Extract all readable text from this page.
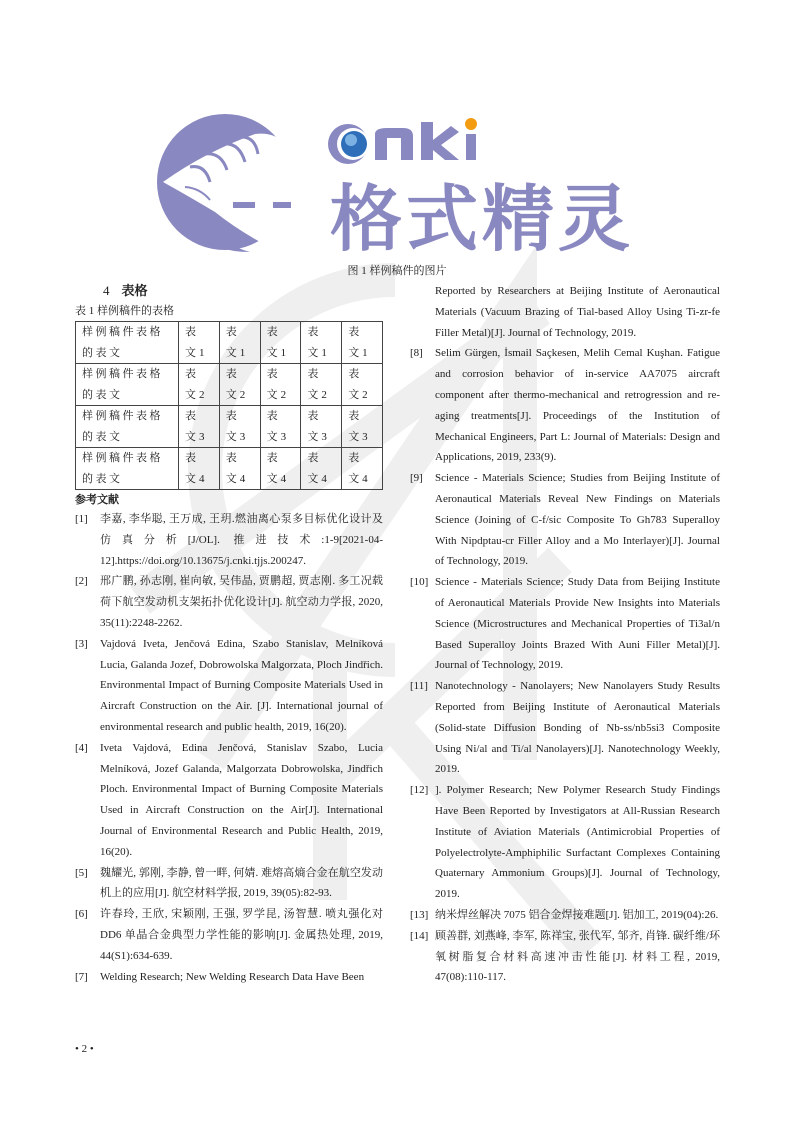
格式精灵
图 1 样例稿件的图片
4 表格
表 1 样例稿件的表格
样例稿件表格的表文	表文1	表文1	表文1	表文1	表文1
样例稿件表格的表文	表文2	表文2	表文2	表文2	表文2
样例稿件表格的表文	表文3	表文3	表文3	表文3	表文3
样例稿件表格的表文	表文4	表文4	表文4	表文4	表文4
参考文献
[1] 李嘉, 李华聪, 王万成, 王玥.燃油离心泵多目标优化设计及仿真分析[J/OL]. 推进技术:1-9[2021-04-12].https://doi.org/10.13675/j.cnki.tjjs.200247.
[2] 邢广鹏, 孙志刚, 崔向敏, 吴伟晶, 贾鹏超, 贾志刚. 多工况载荷下航空发动机支架拓扑优化设计[J]. 航空动力学报, 2020, 35(11):2248-2262.
[3] Vajdová Iveta, Jenčová Edina, Szabo Stanislav, Melníková Lucia, Galanda Jozef, Dobrowolska Malgorzata, Ploch Jindřich. Environmental Impact of Burning Composite Materials Used in Aircraft Construction on the Air. [J]. International journal of environmental research and public health, 2019, 16(20).
[4] Iveta Vajdová, Edina Jenčová, Stanislav Szabo, Lucia Melníková, Jozef Galanda, Malgorzata Dobrowolska, Jindřich Ploch. Environmental Impact of Burning Composite Materials Used in Aircraft Construction on the Air[J]. International Journal of Environmental Research and Public Health, 2019, 16(20).
[5] 魏耀光, 郭刚, 李静, 曾一畔, 何婧. 难熔高熵合金在航空发动机上的应用[J]. 航空材料学报, 2019, 39(05):82-93.
[6] 许春玲, 王欣, 宋颖刚, 王强, 罗学昆, 汤智慧. 喷丸强化对 DD6 单晶合金典型力学性能的影响[J]. 金属热处理, 2019, 44(S1):634-639.
[7] Welding Research; New Welding Research Data Have Been
Reported by Researchers at Beijing Institute of Aeronautical Materials (Vacuum Brazing of Tial-based Alloy Using Ti-zr-fe Filler Metal)[J]. Journal of Technology, 2019.
[8] Selim Gürgen, İsmail Saçkesen, Melih Cemal Kuşhan. Fatigue and corrosion behavior of in-service AA7075 aircraft component after thermo-mechanical and retrogression and re-aging treatments[J]. Proceedings of the Institution of Mechanical Engineers, Part L: Journal of Materials: Design and Applications, 2019, 233(9).
[9] Science - Materials Science; Studies from Beijing Institute of Aeronautical Materials Reveal New Findings on Materials Science (Joining of C-f/sic Composite To Gh783 Superalloy With Nipdptau-cr Filler Alloy and a Mo Interlayer)[J]. Journal of Technology, 2019.
[10] Science - Materials Science; Study Data from Beijing Institute of Aeronautical Materials Provide New Insights into Materials Science (Microstructures and Mechanical Properties of Ti3al/n Based Superalloy Joints Brazed With Auni Filler Metal)[J]. Journal of Technology, 2019.
[11] Nanotechnology - Nanolayers; New Nanolayers Study Results Reported from Beijing Institute of Aeronautical Materials (Solid-state Diffusion Bonding of Nb-ss/nb5si3 Composite Using Ni/al and Ti/al Nanolayers)[J]. Nanotechnology Weekly, 2019.
[12] ]. Polymer Research; New Polymer Research Study Findings Have Been Reported by Investigators at All-Russian Research Institute of Aviation Materials (Antimicrobial Properties of Polyelectrolyte-Amphiphilic Surfactant Complexes Containing Quaternary Ammonium Groups)[J]. Journal of Technology, 2019.
[13] 纳米焊丝解决 7075 铝合金焊接难题[J]. 铝加工, 2019(04):26.
[14] 顾善群, 刘燕峰, 李军, 陈祥宝, 张代军, 邹齐, 肖锋. 碳纤维/环氧树脂复合材料高速冲击性能[J]. 材料工程, 2019, 47(08):110-117.
• 2 •
